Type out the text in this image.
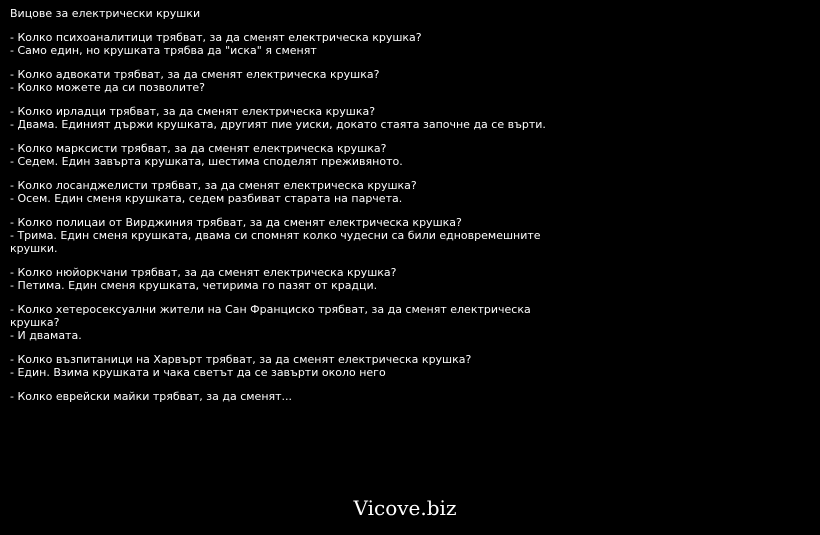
Вицове за електрически крушки
- Колко психоаналитици трябват, за да сменят електрическа крушка?
- Само един, но крушката трябва да "иска" я сменят
- Колко адвокати трябват, за да сменят електрическа крушка?
- Колко можете да си позволите?
- Колко ирладци трябват, за да сменят електрическа крушка?
- Двама. Единият държи крушката, другият пие уиски, докато стаята започне да се върти.
- Колко марксисти трябват, за да сменят електрическа крушка?
- Седем. Един завърта крушката, шестима споделят преживяното.
- Колко лосанджелисти трябват, за да сменят електрическа крушка?
- Осем. Един сменя крушката, седем разбиват старата на парчета.
- Колко полицаи от Вирджиния трябват, за да сменят електрическа крушка?
- Трима. Един сменя крушката, двама си спомнят колко чудесни са били едновремешните крушки.
- Колко нюйоркчани трябват, за да сменят електрическа крушка?
- Петима. Един сменя крушката, четирима го пазят от крадци.
- Колко хетеросексуални жители на Сан Франциско трябват, за да сменят електрическа крушка?
- И двамата.
- Колко възпитаници на Харвърт трябват, за да сменят електрическа крушка?
- Един. Взима крушката и чака светът да се завърти около него
- Колко еврейски майки трябват, за да сменят...
Vicove.biz
